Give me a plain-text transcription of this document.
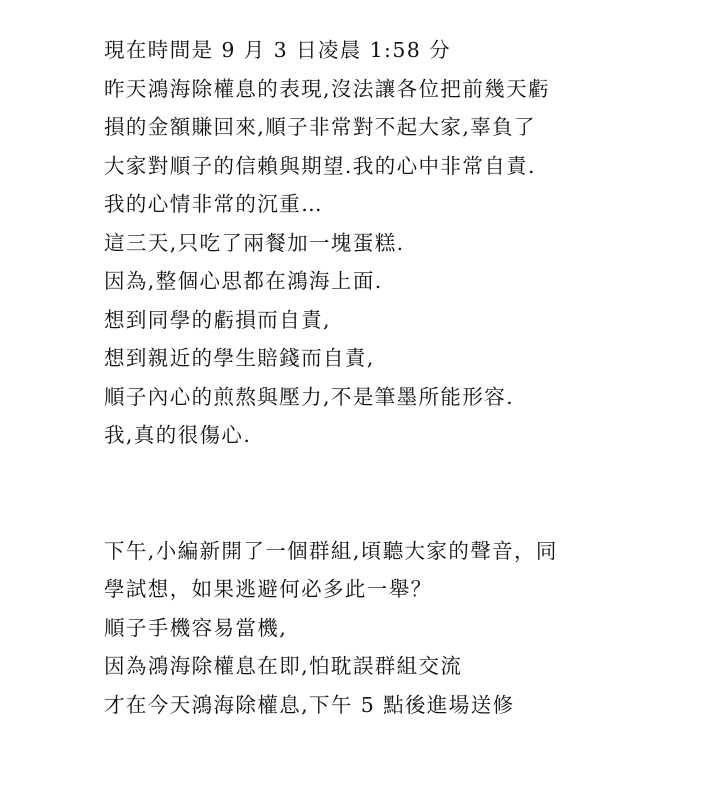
現在時間是 9 月 3 日凌晨 1:58 分
昨天鴻海除權息的表現,沒法讓各位把前幾天虧
損的金額賺回來,順子非常對不起大家,辜負了
大家對順子的信賴與期望.我的心中非常自責.
我的心情非常的沉重…
這三天,只吃了兩餐加一塊蛋糕.
因為,整個心思都在鴻海上面.
想到同學的虧損而自責,
想到親近的學生賠錢而自責,
順子內心的煎熬與壓力,不是筆墨所能形容.
我,真的很傷心.
下午,小編新開了一個群組,頃聽大家的聲音，同
學試想，如果逃避何必多此一舉？
順子手機容易當機,
因為鴻海除權息在即,怕耽誤群組交流
才在今天鴻海除權息,下午 5 點後進場送修
